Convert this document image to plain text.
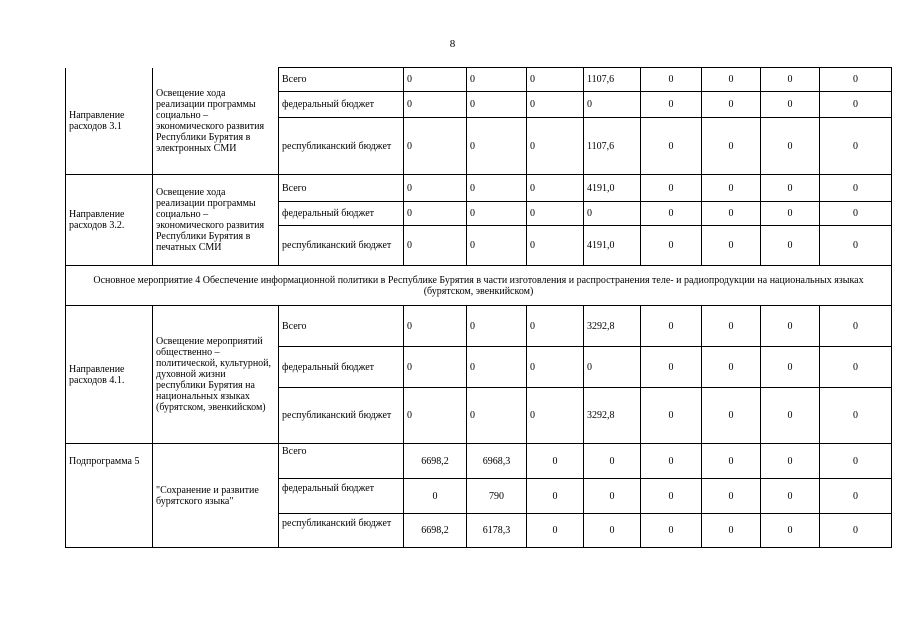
8
Направление расходов 3.1	Освещение хода реализации программы социально – экономического развития Республики Бурятия в электронных СМИ	Всего	0	0	0	1107,6	0	0	0	0
		федеральный бюджет	0	0	0	0	0	0	0	0
		республиканский бюджет	0	0	0	1107,6	0	0	0	0
Направление расходов 3.2.	Освещение хода реализации программы социально – экономического развития Республики Бурятия в печатных СМИ	Всего	0	0	0	4191,0	0	0	0	0
		федеральный бюджет	0	0	0	0	0	0	0	0
		республиканский бюджет	0	0	0	4191,0	0	0	0	0
Основное мероприятие 4 Обеспечение информационной политики в Республике Бурятия в части изготовления и распространения теле- и радиопродукции на национальных языках (бурятском, эвенкийском)										
Направление расходов 4.1.	Освещение мероприятий общественно – политической, культурной, духовной жизни республики Бурятия на национальных языках (бурятском, эвенкийском)	Всего	0	0	0	3292,8	0	0	0	0
		федеральный бюджет	0	0	0	0	0	0	0	0
		республиканский бюджет	0	0	0	3292,8	0	0	0	0
Подпрограмма 5	"Сохранение и развитие бурятского языка"	Всего	6698,2	6968,3	0	0	0	0	0	0
		федеральный бюджет	0	790	0	0	0	0	0	0
		республиканский бюджет	6698,2	6178,3	0	0	0	0	0	0
